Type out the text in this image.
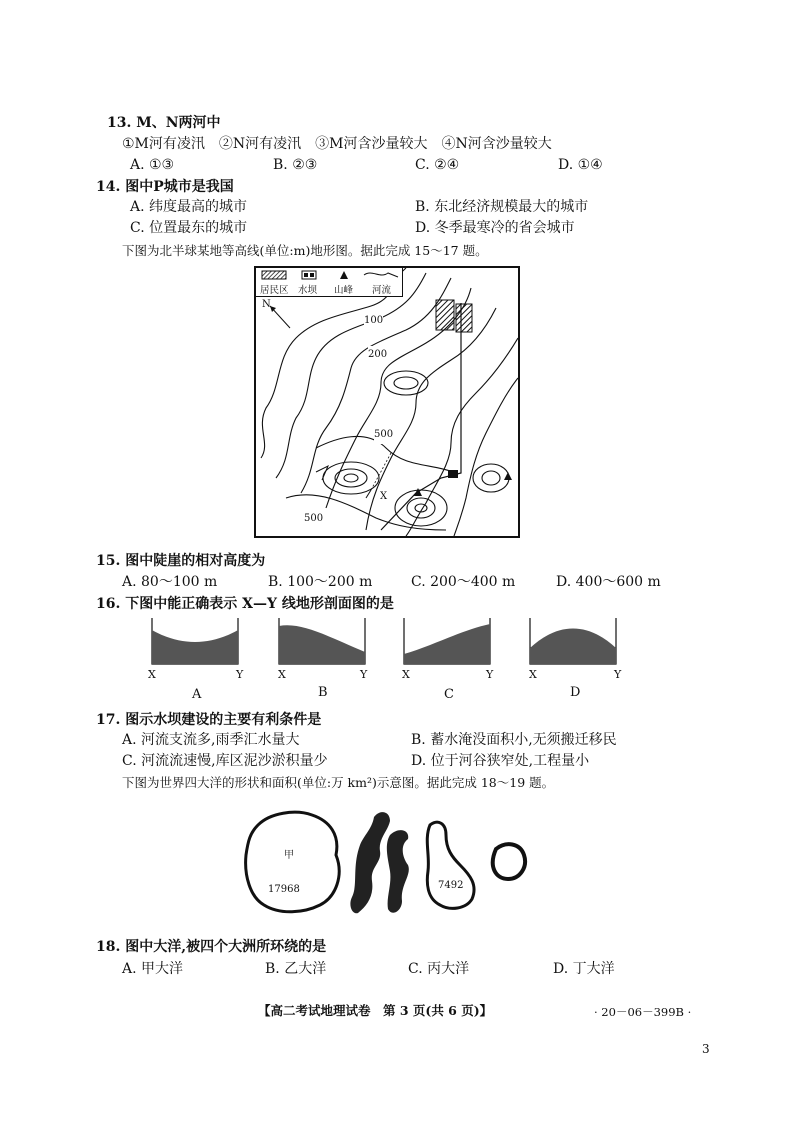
13. M、N两河中
①M河有凌汛　②N河有凌汛　③M河含沙量较大　④N河含沙量较大
A. ①③	B. ②③	C. ②④	D. ①④
14. 图中P城市是我国
A. 纬度最高的城市	B. 东北经济规模最大的城市
C. 位置最东的城市	D. 冬季最寒冷的省会城市
下图为北半球某地等高线(单位:m)地形图。据此完成 15～17 题。
居民区 水坝 山峰 河流
N
100
200
500
500
X
15. 图中陡崖的相对高度为
A. 80～100 m	B. 100～200 m	C. 200～400 m	D. 400～600 m
16. 下图中能正确表示 X—Y 线地形剖面图的是
X	Y	X	Y	X	Y	X	Y
A	B	C	D
17. 图示水坝建设的主要有利条件是
A. 河流支流多,雨季汇水量大	B. 蓄水淹没面积小,无须搬迁移民
C. 河流流速慢,库区泥沙淤积量少	D. 位于河谷狭窄处,工程量小
下图为世界四大洋的形状和面积(单位:万 km²)示意图。据此完成 18～19 题。
甲
17968	7492
18. 图中大洋,被四个大洲所环绕的是
A. 甲大洋	B. 乙大洋	C. 丙大洋	D. 丁大洋
【高二考试地理试卷　第 3 页(共 6 页)】	· 20－06－399B ·
3
